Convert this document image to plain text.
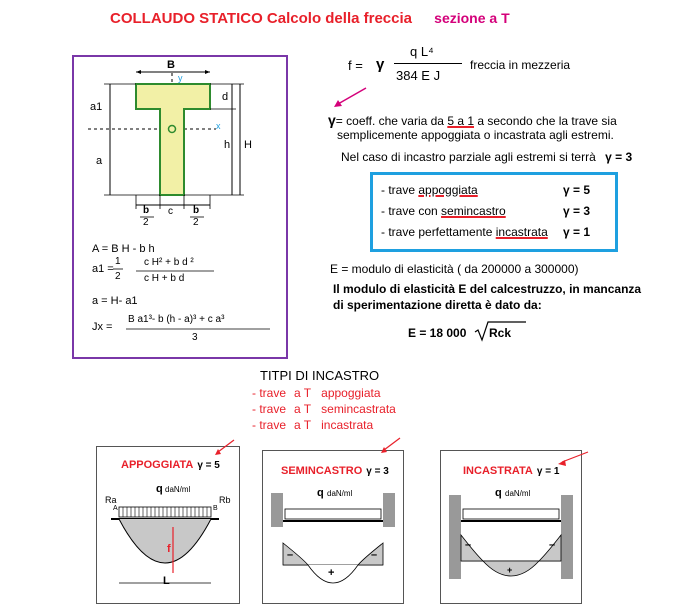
COLLAUDO STATICO Calcolo della freccia sezione a T
B
y
x
a1
a
d
h H
b
2
c b
2
A = B H - b h
a1 =
1
2
c H² + b d ²
c H + b d
a = H- a1
Jx =
B a1³- b (h - a)³ + c a³
3
f = γ
q L⁴
384 E J
freccia in mezzeria
γ= coeff. che varia da 5 a 1 a secondo che la trave sia
semplicemente appoggiata o incastrata agli estremi.
Nel caso di incastro parziale agli estremi si terrà γ = 3
- trave appoggiata	γ = 5
- trave con semincastro	γ = 3
- trave perfettamente incastrata γ = 1
E = modulo di elasticità ( da 200000 a 300000)
Il modulo di elasticità E del calcestruzzo, in mancanza
di sperimentazione diretta è dato da:
E = 18 000 Rck
TITPI DI INCASTRO
- trave a T appoggiata
- trave a T semincastrata
- trave a T incastrata
APPOGGIATA γ = 5
q daN/ml
Ra	Rb
A	B
f
L
SEMINCASTRO γ = 3
q daN/ml
–	–
+
INCASTRATA γ = 1
q daN/ml
–	–
+
